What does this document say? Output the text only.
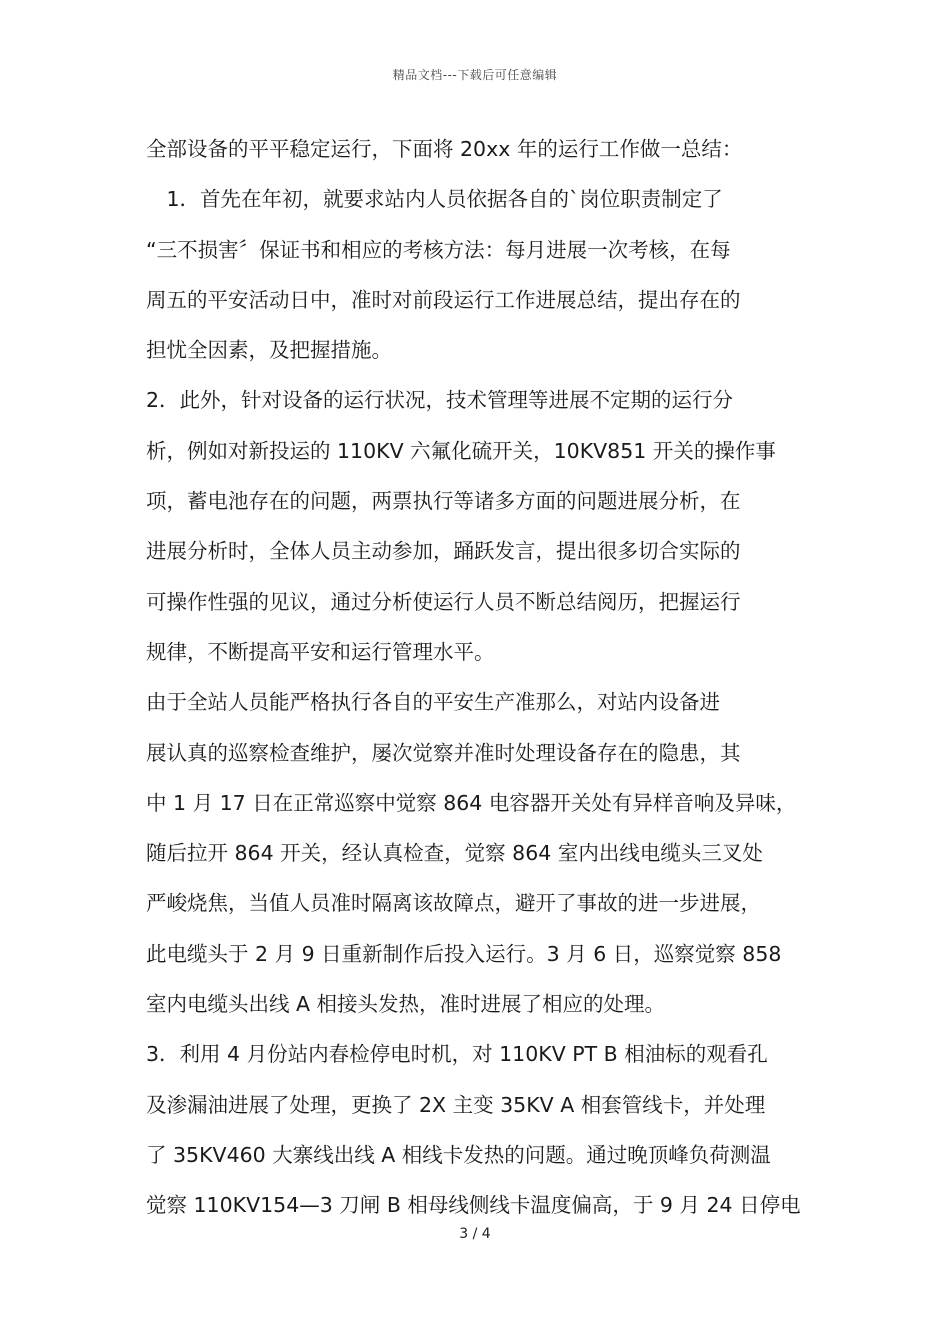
精品文档---下载后可任意编辑
全部设备的平平稳定运行，下面将 20xx 年的运行工作做一总结：
　1．首先在年初，就要求站内人员依据各自的`岗位职责制定了
“三不损害〞保证书和相应的考核方法：每月进展一次考核，在每
周五的平安活动日中，准时对前段运行工作进展总结，提出存在的
担忧全因素，及把握措施。
2．此外，针对设备的运行状况，技术管理等进展不定期的运行分
析，例如对新投运的 110KV 六氟化硫开关，10KV851 开关的操作事
项，蓄电池存在的问题，两票执行等诸多方面的问题进展分析，在
进展分析时，全体人员主动参加，踊跃发言，提出很多切合实际的
可操作性强的见议，通过分析使运行人员不断总结阅历，把握运行
规律，不断提高平安和运行管理水平。
由于全站人员能严格执行各自的平安生产准那么，对站内设备进
展认真的巡察检查维护，屡次觉察并准时处理设备存在的隐患，其
中 1 月 17 日在正常巡察中觉察 864 电容器开关处有异样音响及异味，
随后拉开 864 开关，经认真检查，觉察 864 室内出线电缆头三叉处
严峻烧焦，当值人员准时隔离该故障点，避开了事故的进一步进展，
此电缆头于 2 月 9 日重新制作后投入运行。3 月 6 日，巡察觉察 858
室内电缆头出线 A 相接头发热，准时进展了相应的处理。
3．利用 4 月份站内春检停电时机，对 110KV PT B 相油标的观看孔
及渗漏油进展了处理，更换了 2X 主变 35KV A 相套管线卡，并处理
了 35KV460 大寨线出线 A 相线卡发热的问题。通过晚顶峰负荷测温
觉察 110KV154—3 刀闸 B 相母线侧线卡温度偏高，于 9 月 24 日停电
3 / 4
